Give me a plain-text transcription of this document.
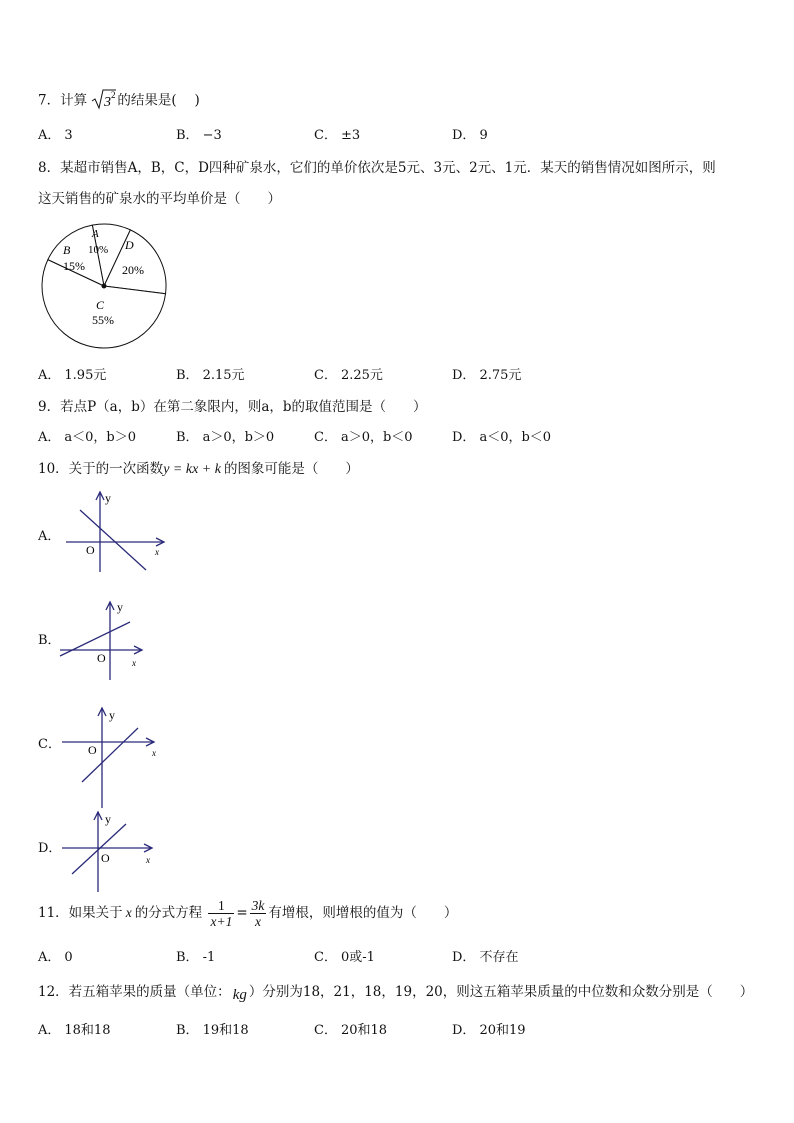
7．计算 3 2 的结果是(　 )
A． 3	B． −3	C． ±3	D． 9
8．某超市销售A，B，C，D四种矿泉水，它们的单价依次是5元、3元、2元、1元．某天的销售情况如图所示，则
这天销售的矿泉水的平均单价是（　　）
A
10% D
20%
C
55%
B
15%
A． 1.95元	B． 2.15元	C． 2.25元	D． 2.75元
9．若点P（a，b）在第二象限内，则a，b的取值范围是（　　）
A． a＜0，b＞0	B． a＞0，b＞0	C． a＞0，b＜0	D． a＜0，b＜0
10．关于的一次函数y = kx + k 的图象可能是（　　）
A．
y
O	x
B．
y
O	x
C．
y
O	x
D．
y
O	x
11．如果关于 x 的分式方程 $\frac{1}{x+1} = \frac{3k}{x}$ 有增根，则增根的值为（　　）
A． 0	B． -1	C． 0或-1	D． 不存在
12．若五箱苹果的质量（单位： kg ）分别为18，21，18，19，20，则这五箱苹果质量的中位数和众数分别是（　　）
A． 18和18	B． 19和18	C． 20和18	D． 20和19
